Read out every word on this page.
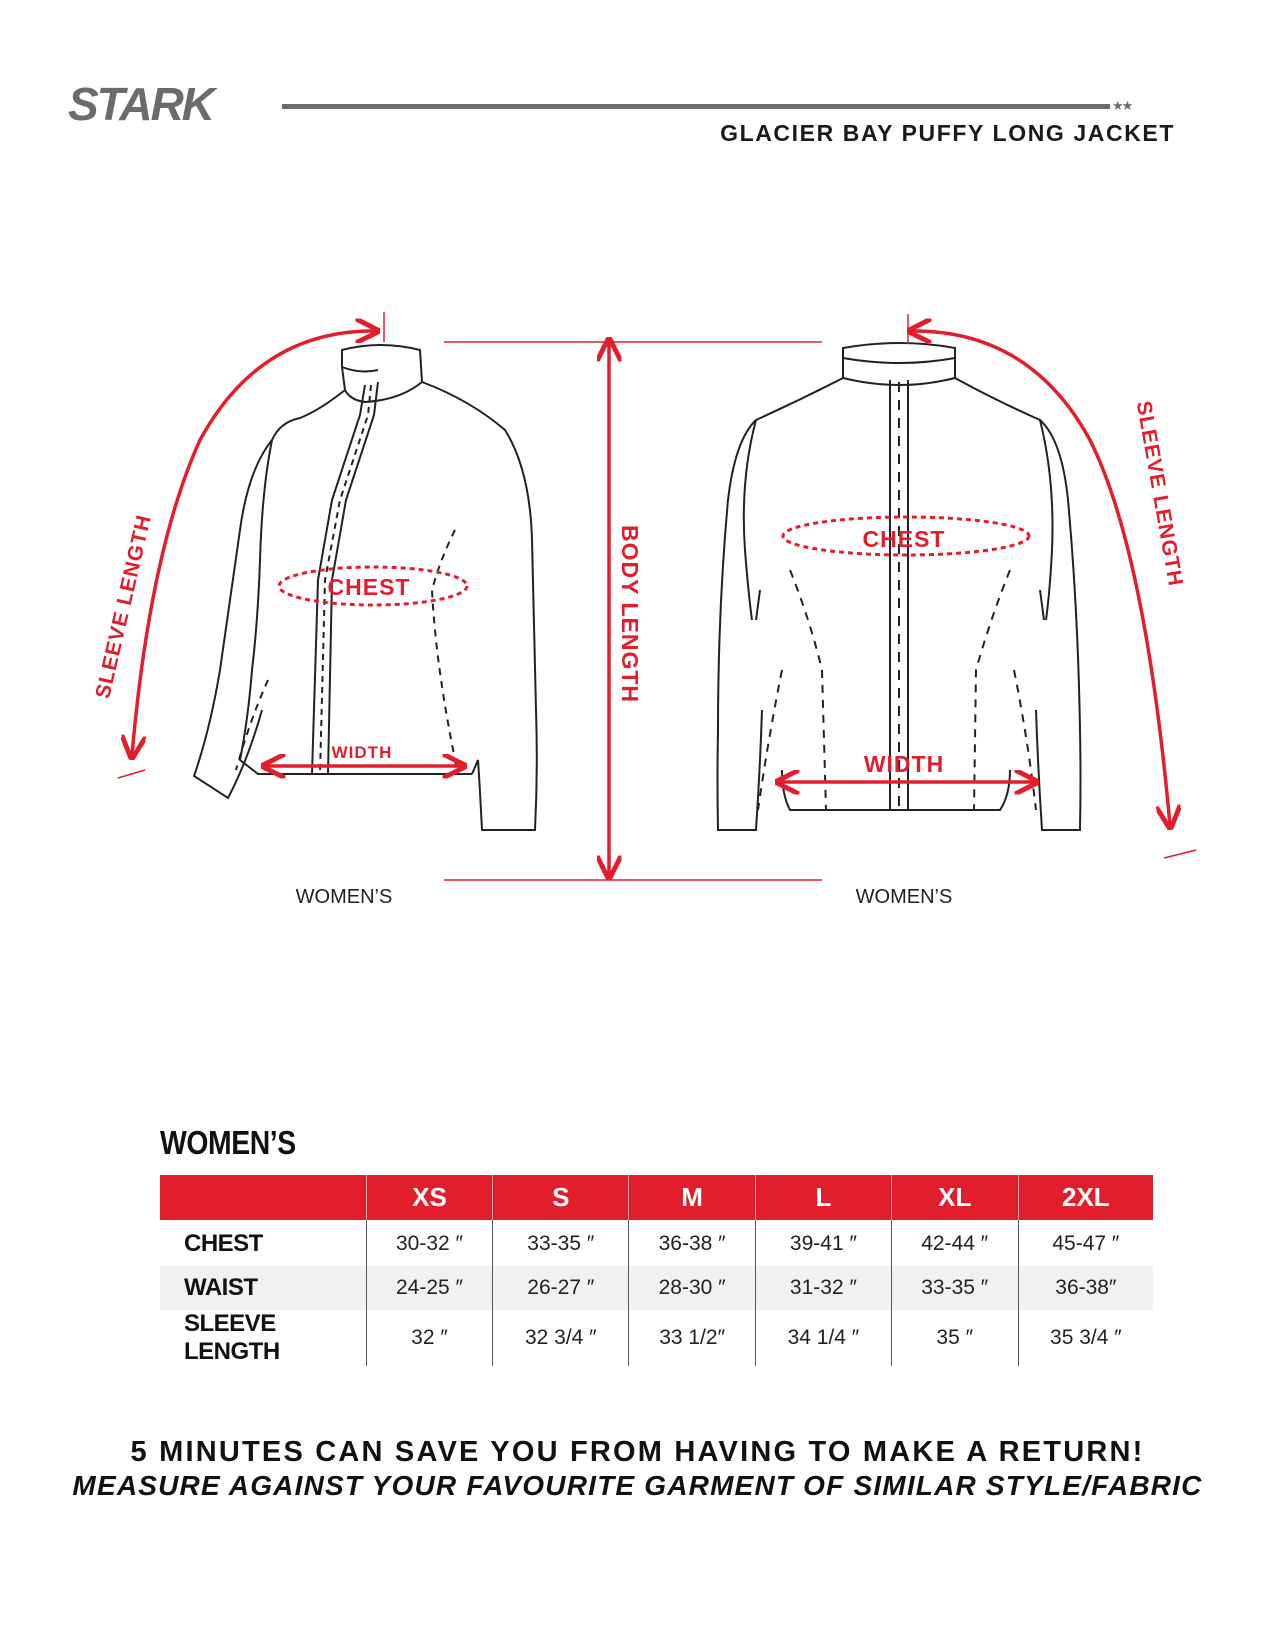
STARK	★★
GLACIER BAY PUFFY LONG JACKET
SLEEVE LENGTH	CHEST
WIDTH
WOMEN’S
BODY LENGTH	CHEST
WIDTH
SLEEVE LENGTH
WOMEN’S
WOMEN’S
	XS	S	M	L	XL	2XL
CHEST	30-32 ″	33-35 ″	36-38 ″	39-41 ″	42-44 ″	45-47 ″
WAIST	24-25 ″	26-27 ″	28-30 ″	31-32 ″	33-35 ″	36-38″
SLEEVE LENGTH	32 ″	32 3/4 ″	33 1/2″	34 1/4 ″	35 ″	35 3/4 ″
5 MINUTES CAN SAVE YOU FROM HAVING TO MAKE A RETURN!
MEASURE AGAINST YOUR FAVOURITE GARMENT OF SIMILAR STYLE/FABRIC
